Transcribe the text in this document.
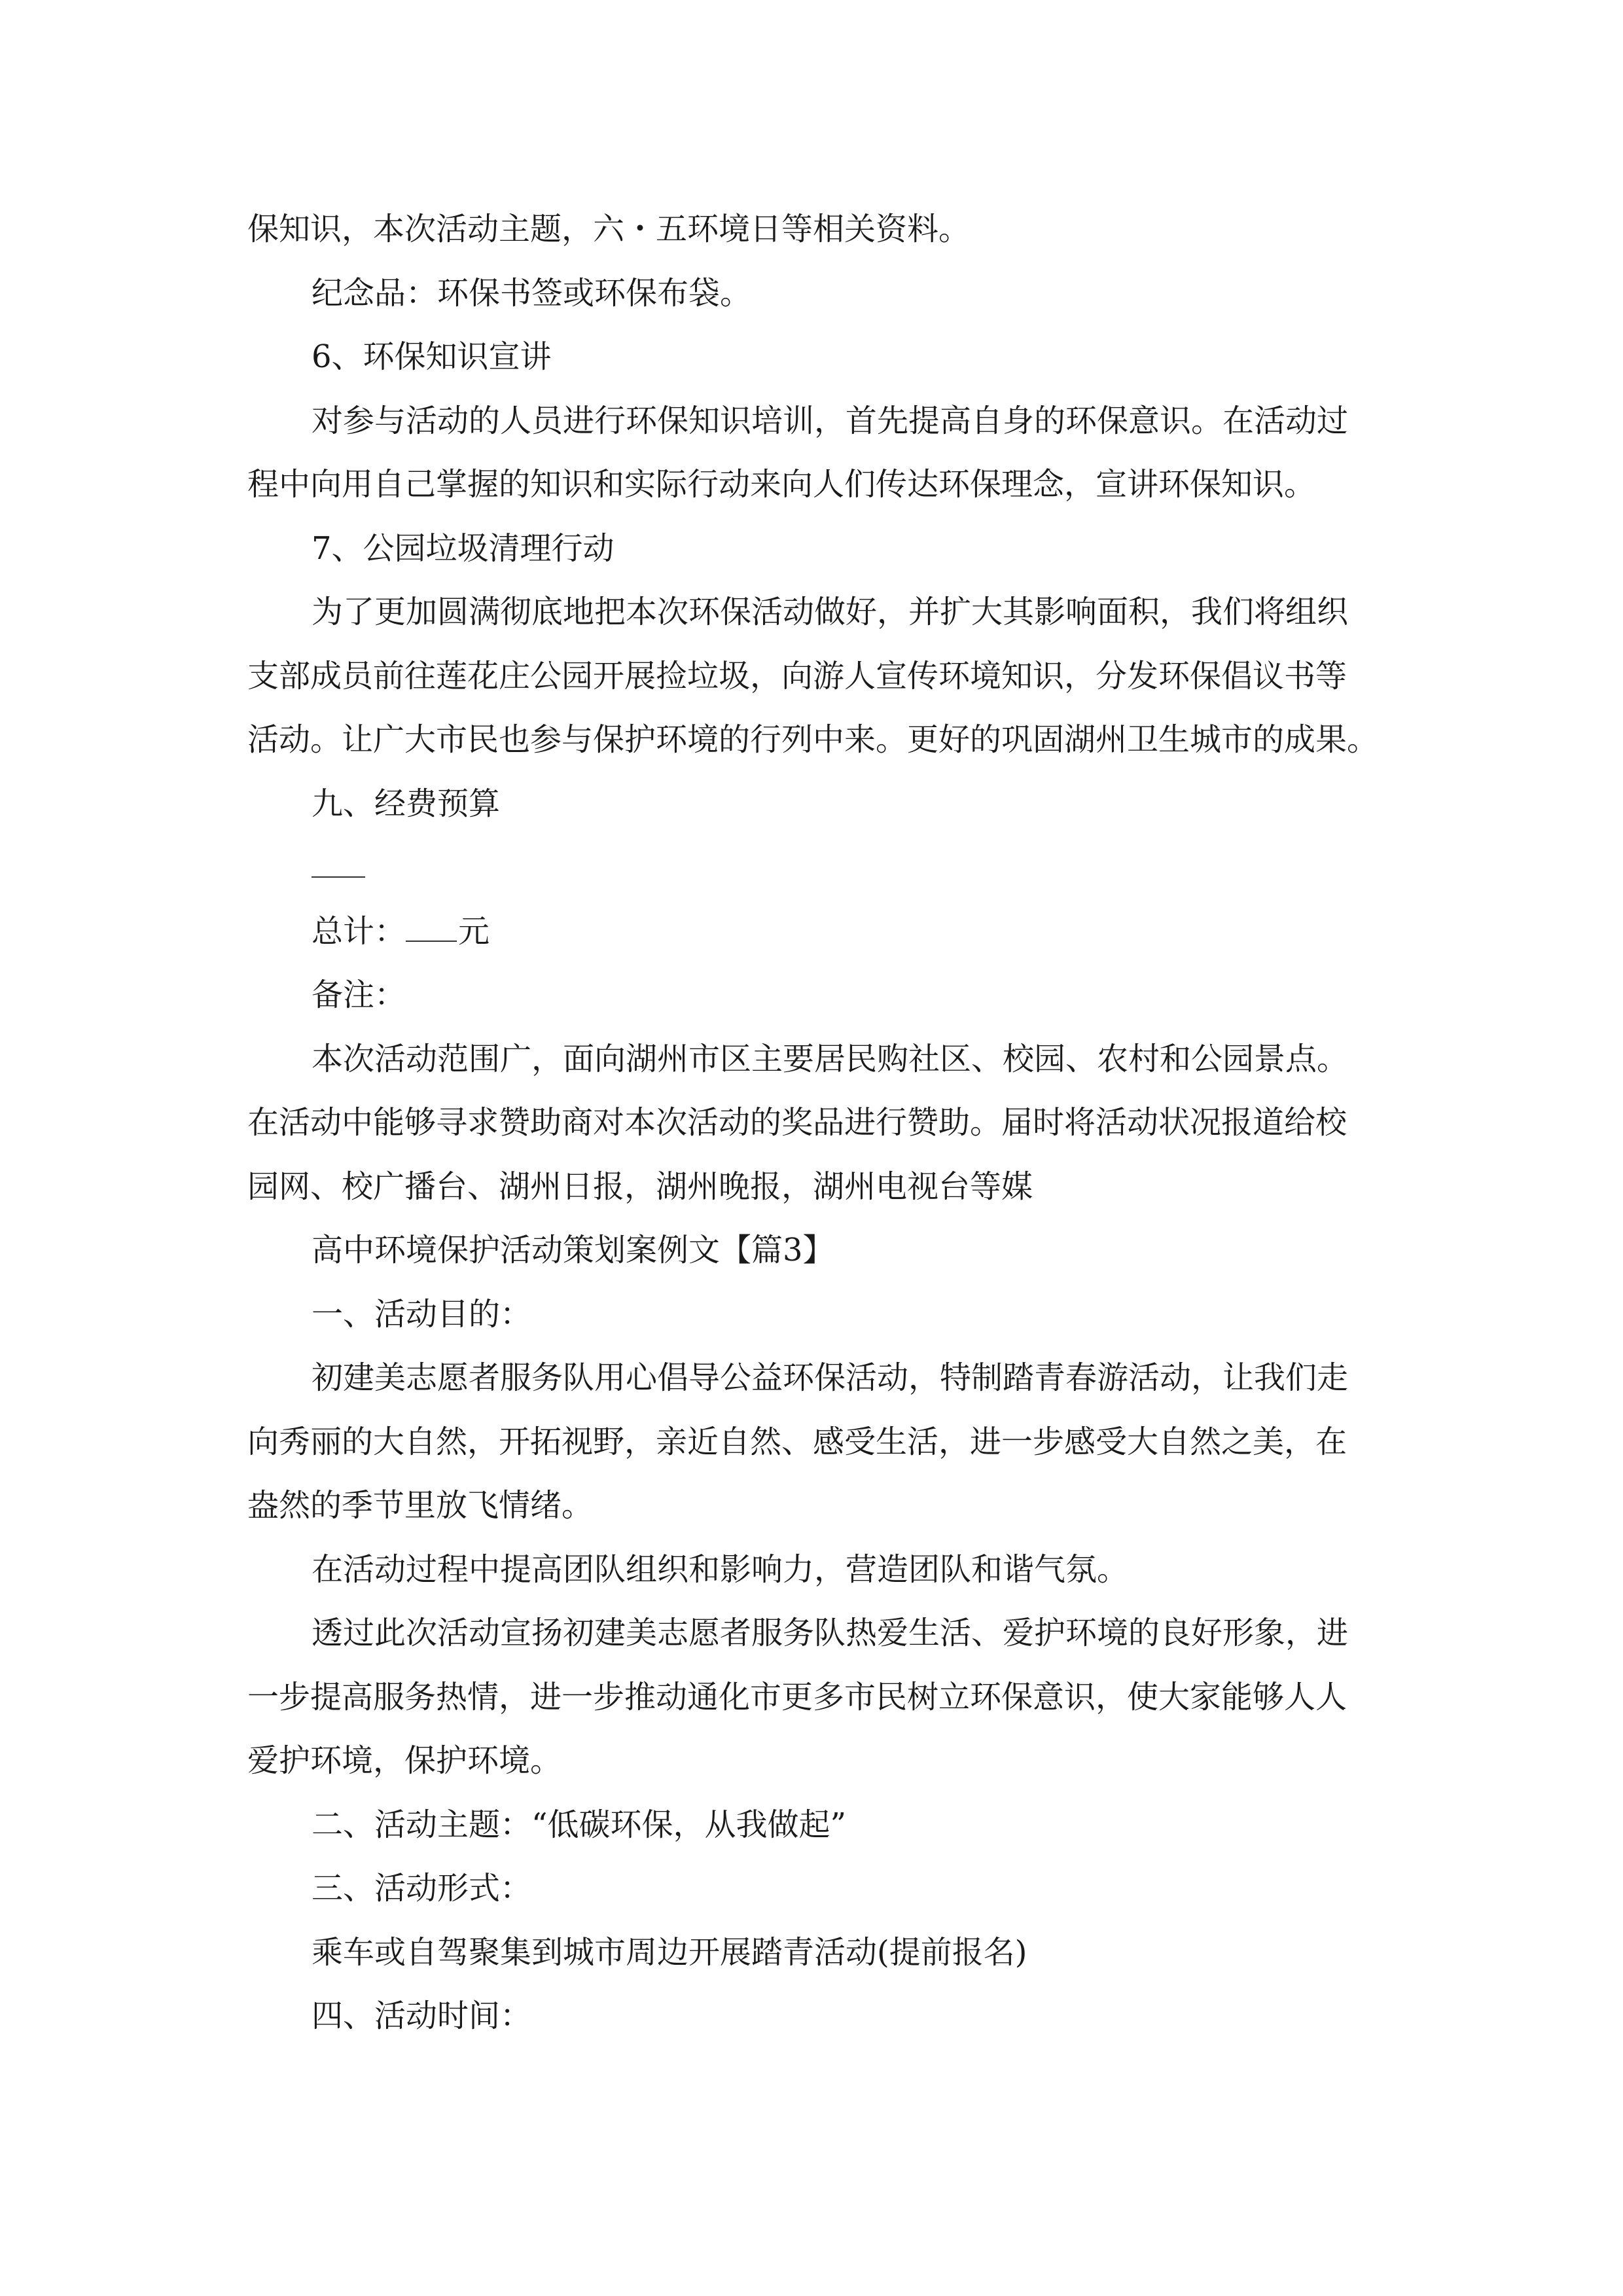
保知识，本次活动主题，六・五环境日等相关资料。
纪念品：环保书签或环保布袋。
6、环保知识宣讲
对参与活动的人员进行环保知识培训，首先提高自身的环保意识。在活动过
程中向用自己掌握的知识和实际行动来向人们传达环保理念，宣讲环保知识。
7、公园垃圾清理行动
为了更加圆满彻底地把本次环保活动做好，并扩大其影响面积，我们将组织
支部成员前往莲花庄公园开展捡垃圾，向游人宣传环境知识，分发环保倡议书等
活动。让广大市民也参与保护环境的行列中来。更好的巩固湖州卫生城市的成果。
九、经费预算
总计： 元
备注：
本次活动范围广，面向湖州市区主要居民购社区、校园、农村和公园景点。
在活动中能够寻求赞助商对本次活动的奖品进行赞助。届时将活动状况报道给校
园网、校广播台、湖州日报，湖州晚报，湖州电视台等媒
高中环境保护活动策划案例文【篇3】
一、活动目的：
初建美志愿者服务队用心倡导公益环保活动，特制踏青春游活动，让我们走
向秀丽的大自然，开拓视野，亲近自然、感受生活，进一步感受大自然之美，在
盎然的季节里放飞情绪。
在活动过程中提高团队组织和影响力，营造团队和谐气氛。
透过此次活动宣扬初建美志愿者服务队热爱生活、爱护环境的良好形象，进
一步提高服务热情，进一步推动通化市更多市民树立环保意识，使大家能够人人
爱护环境，保护环境。
二、活动主题：“低碳环保，从我做起”
三、活动形式：
乘车或自驾聚集到城市周边开展踏青活动(提前报名)
四、活动时间：
